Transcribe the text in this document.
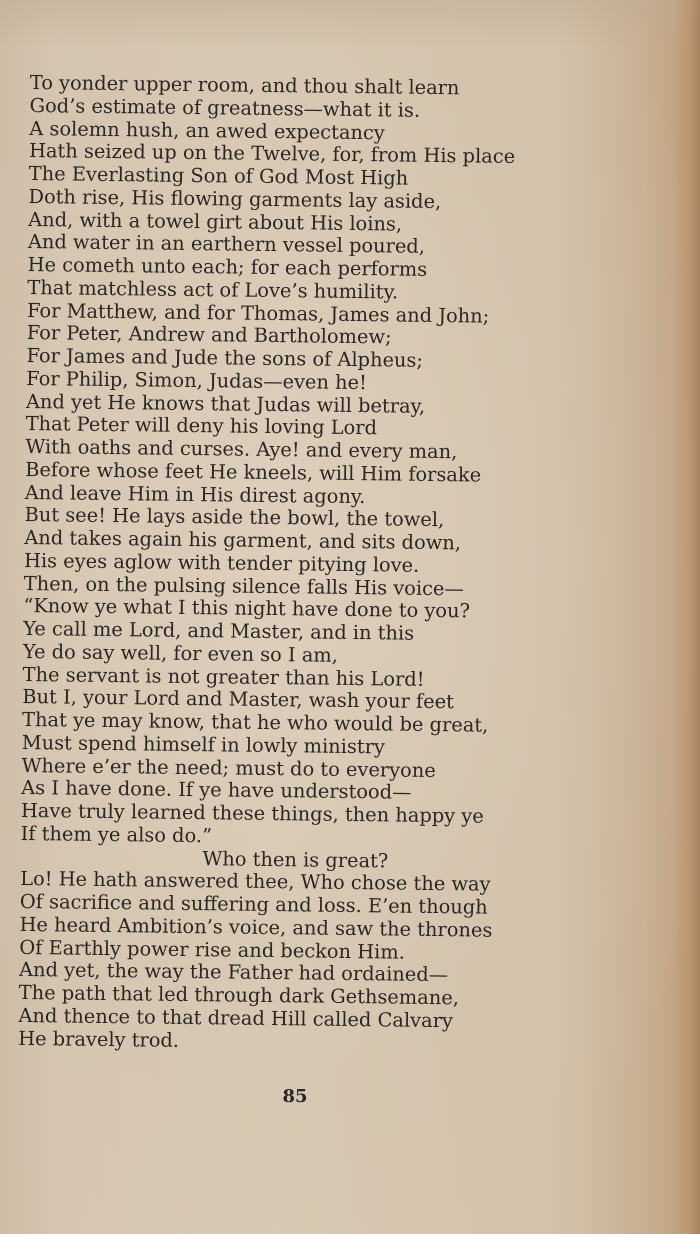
To yonder upper room, and thou shalt learn
God’s estimate of greatness—what it is.
A solemn hush, an awed expectancy
Hath seized up on the Twelve, for, from His place
The Everlasting Son of God Most High
Doth rise, His flowing garments lay aside,
And, with a towel girt about His loins,
And water in an earthern vessel poured,
He cometh unto each; for each performs
That matchless act of Love’s humility.
For Matthew, and for Thomas, James and John;
For Peter, Andrew and Bartholomew;
For James and Jude the sons of Alpheus;
For Philip, Simon, Judas—even he!
And yet He knows that Judas will betray,
That Peter will deny his loving Lord
With oaths and curses. Aye! and every man,
Before whose feet He kneels, will Him forsake
And leave Him in His direst agony.
But see! He lays aside the bowl, the towel,
And takes again his garment, and sits down,
His eyes aglow with tender pitying love.
Then, on the pulsing silence falls His voice—
“Know ye what I this night have done to you?
Ye call me Lord, and Master, and in this
Ye do say well, for even so I am,
The servant is not greater than his Lord!
But I, your Lord and Master, wash your feet
That ye may know, that he who would be great,
Must spend himself in lowly ministry
Where e’er the need; must do to everyone
As I have done. If ye have understood—
Have truly learned these things, then happy ye
If them ye also do.”
Who then is great?
Lo! He hath answered thee, Who chose the way
Of sacrifice and suffering and loss. E’en though
He heard Ambition’s voice, and saw the thrones
Of Earthly power rise and beckon Him.
And yet, the way the Father had ordained—
The path that led through dark Gethsemane,
And thence to that dread Hill called Calvary
He bravely trod.
85
